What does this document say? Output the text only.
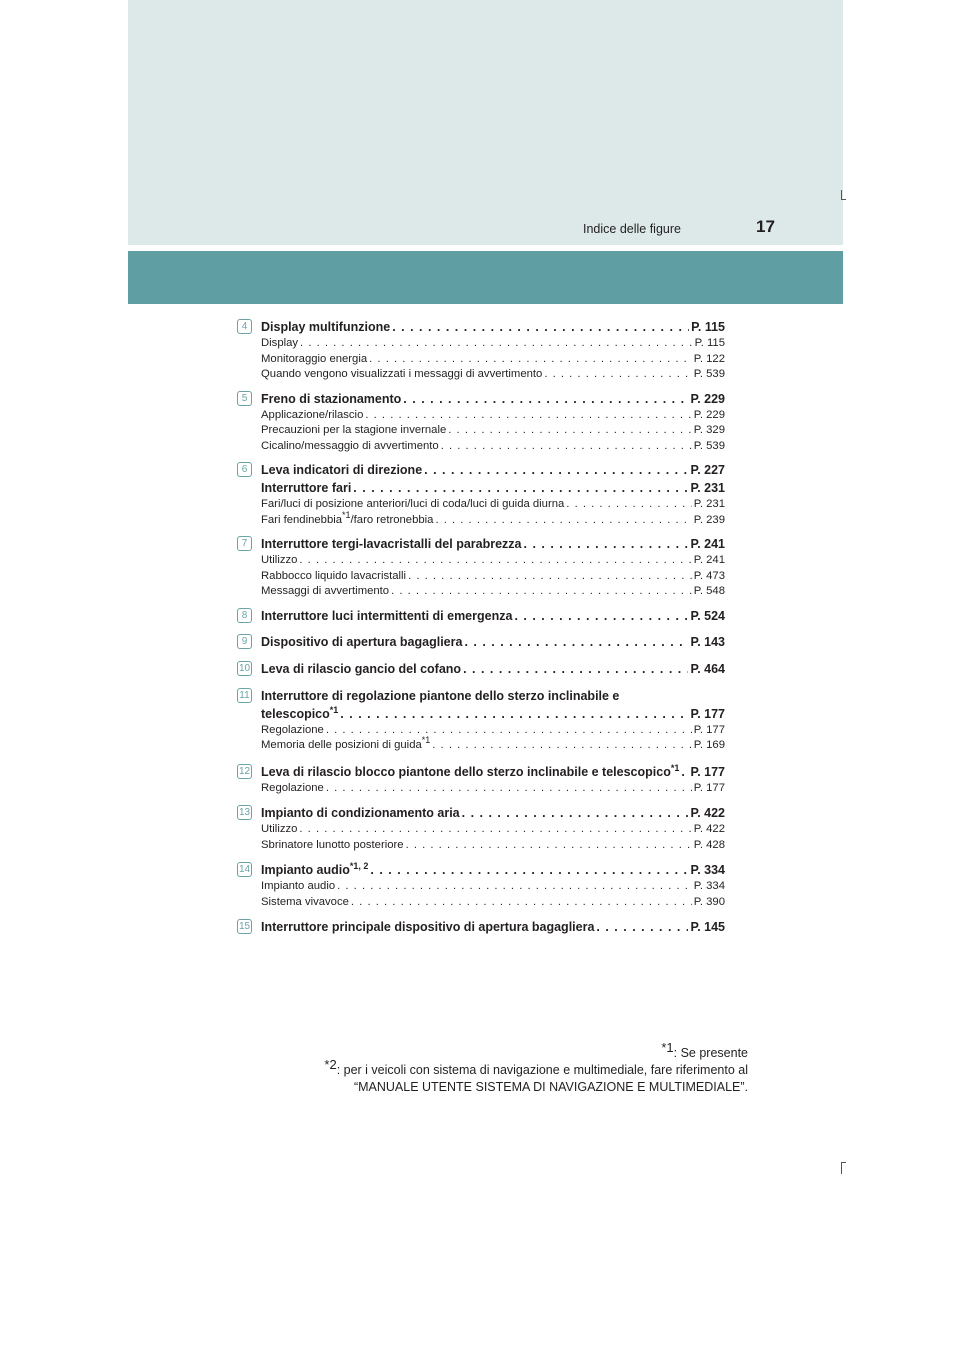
Indice delle figure	17
4	Display multifunzione . . .	P. 115
Display . . .	P. 115
Monitoraggio energia . . .	P. 122
Quando vengono visualizzati i messaggi di avvertimento . . .	P. 539
5	Freno di stazionamento . . .	P. 229
Applicazione/rilascio . . .	P. 229
Precauzioni per la stagione invernale . . .	P. 329
Cicalino/messaggio di avvertimento . . .	P. 539
6	Leva indicatori di direzione . . .	P. 227
Interruttore fari . . .	P. 231
Fari/luci di posizione anteriori/luci di coda/luci di guida diurna . . .	P. 231
Fari fendinebbia$^{*1}$/faro retronebbia . . .	P. 239
7	Interruttore tergi-lavacristalli del parabrezza . . .	P. 241
Utilizzo . . .	P. 241
Rabbocco liquido lavacristalli . . .	P. 473
Messaggi di avvertimento . . .	P. 548
8	Interruttore luci intermittenti di emergenza . . .	P. 524
9	Dispositivo di apertura bagagliera . . .	P. 143
10 Leva di rilascio gancio del cofano . . .	P. 464
11 Interruttore di regolazione piantone dello sterzo inclinabile e
telescopico$^{*1}$ . . .	P. 177
Regolazione . . .	P. 177
Memoria delle posizioni di guida$^{*1}$ . . .	P. 169
12 Leva di rilascio blocco piantone dello sterzo inclinabile e telescopico$^{*1}$ . . . P. 177
Regolazione . . .	P. 177
13 Impianto di condizionamento aria . . .	P. 422
Utilizzo . . .	P. 422
Sbrinatore lunotto posteriore . . .	P. 428
14 Impianto audio$^{*1, 2}$ . . .	P. 334
Impianto audio . . .	P. 334
Sistema vivavoce . . .	P. 390
15 Interruttore principale dispositivo di apertura bagagliera . . .	P. 145
$^{*1}$: Se presente
$^{*2}$: per i veicoli con sistema di navigazione e multimediale, fare riferimento al
“MANUALE UTENTE SISTEMA DI NAVIGAZIONE E MULTIMEDIALE”.
